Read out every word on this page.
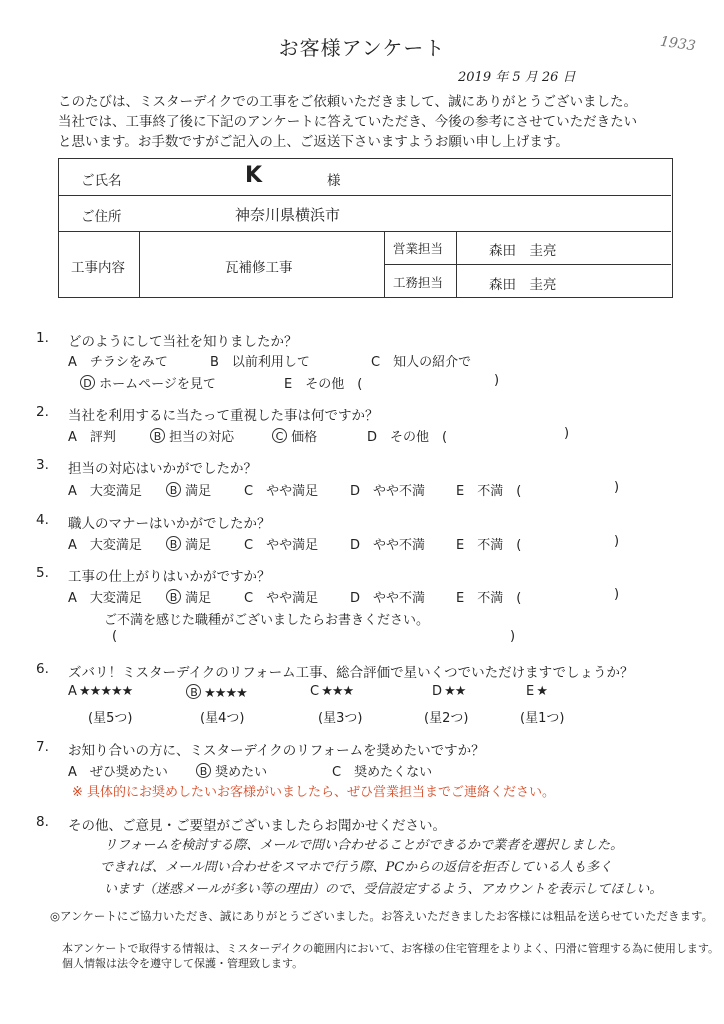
お客様アンケート	1933
2019 年 5 月 26 日
このたびは、ミスターデイクでの工事をご依頼いただきまして、誠にありがとうございました。
当社では、工事終了後に下記のアンケートに答えていただき、今後の参考にさせていただきたい
と思います。お手数ですがご記入の上、ご返送下さいますようお願い申し上げます。
ご氏名	K	様
ご住所	神奈川県横浜市
工事内容	瓦補修工事
営業担当	森田　圭亮
工務担当	森田　圭亮
1. どのようにして当社を知りましたか？
A　チラシをみて	B　以前利用して	C　知人の紹介で
D ホームページを見て	E　その他　(	)
2. 当社を利用するに当たって重視した事は何ですか？
A　評判	B 担当の対応	C 価格	D　その他　(	)
3. 担当の対応はいかがでしたか？
A　大変満足	B 満足	C　やや満足 D　やや不満 E　不満　(	)
4. 職人のマナーはいかがでしたか？
A　大変満足	B 満足	C　やや満足 D　やや不満 E　不満　(	)
5. 工事の仕上がりはいかがですか？
A　大変満足	B 満足	C　やや満足 D　やや不満 E　不満　(	)
ご不満を感じた職種がございましたらお書きください。
(	)
6. ズバリ！ミスターデイクのリフォーム工事、総合評価で星いくつでいただけますでしょうか？
A ★★★★★	B ★★★★	C ★★★	D ★★	E ★
(星5つ)	(星4つ)	(星3つ)	(星2つ)	(星1つ)
7. お知り合いの方に、ミスターデイクのリフォームを奨めたいですか？
A　ぜひ奨めたい	B 奨めたい	C　奨めたくない
※ 具体的にお奨めしたいお客様がいましたら、ぜひ営業担当までご連絡ください。
8. その他、ご意見・ご要望がございましたらお聞かせください。
リフォームを検討する際、メールで問い合わせることができるかで業者を選択しました。
できれば、メール問い合わせをスマホで行う際、PCからの返信を拒否している人も多く
います（迷惑メールが多い等の理由）ので、受信設定するよう、アカウントを表示してほしい。
◎アンケートにご協力いただき、誠にありがとうございました。お答えいただきましたお客様には粗品を送らせていただきます。
本アンケートで取得する情報は、ミスターデイクの範囲内において、お客様の住宅管理をよりよく、円滑に管理する為に使用します。
個人情報は法令を遵守して保護・管理致します。
